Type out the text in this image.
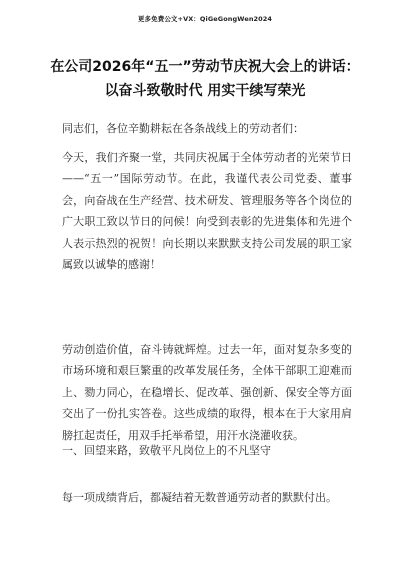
更多免费公文+VX：QiGeGongWen2024
在公司2026年“五一”劳动节庆祝大会上的讲话：
以奋斗致敬时代 用实干续写荣光

同志们，各位辛勤耕耘在各条战线上的劳动者们：

今天，我们齐聚一堂，共同庆祝属于全体劳动者的光荣节日——“五一”国际劳动节。在此，我谨代表公司党委、董事会，向奋战在生产经营、技术研发、管理服务等各个岗位的广大职工致以节日的问候！向受到表彰的先进集体和先进个人表示热烈的祝贺！向长期以来默默支持公司发展的职工家属致以诚挚的感谢！

劳动创造价值，奋斗铸就辉煌。过去一年，面对复杂多变的市场环境和艰巨繁重的改革发展任务，全体干部职工迎难而上、勠力同心，在稳增长、促改革、强创新、保安全等方面交出了一份扎实答卷。这些成绩的取得，根本在于大家用肩膀扛起责任，用双手托举希望，用汗水浇灌收获。

一、回望来路，致敬平凡岗位上的不凡坚守

每一项成绩背后，都凝结着无数普通劳动者的默默付出。
